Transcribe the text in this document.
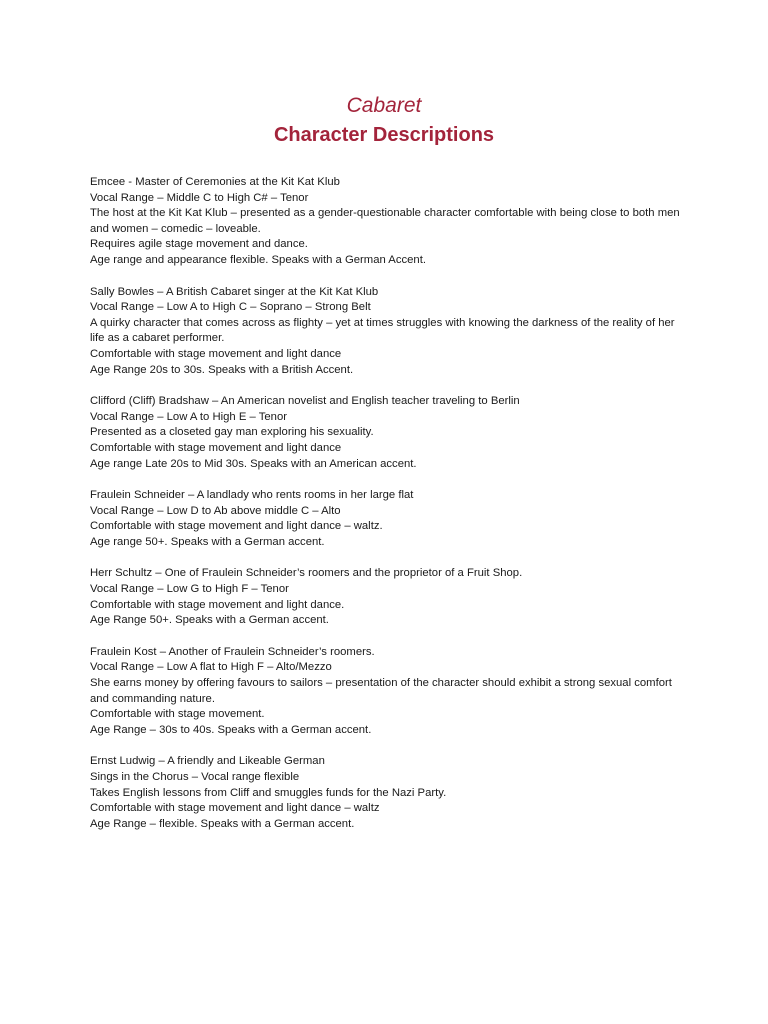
Cabaret
Character Descriptions
Emcee - Master of Ceremonies at the Kit Kat Klub
Vocal Range – Middle C to High C# – Tenor
The host at the Kit Kat Klub – presented as a gender-questionable character comfortable with being close to both men and women – comedic – loveable.
Requires agile stage movement and dance.
Age range and appearance flexible. Speaks with a German Accent.
Sally Bowles – A British Cabaret singer at the Kit Kat Klub
Vocal Range – Low A to High C – Soprano – Strong Belt
A quirky character that comes across as flighty – yet at times struggles with knowing the darkness of the reality of her life as a cabaret performer.
Comfortable with stage movement and light dance
Age Range 20s to 30s. Speaks with a British Accent.
Clifford (Cliff) Bradshaw – An American novelist and English teacher traveling to Berlin
Vocal Range – Low A to High E – Tenor
Presented as a closeted gay man exploring his sexuality.
Comfortable with stage movement and light dance
Age range Late 20s to Mid 30s. Speaks with an American accent.
Fraulein Schneider – A landlady who rents rooms in her large flat
Vocal Range – Low D to Ab above middle C – Alto
Comfortable with stage movement and light dance – waltz.
Age range 50+. Speaks with a German accent.
Herr Schultz – One of Fraulein Schneider’s roomers and the proprietor of a Fruit Shop.
Vocal Range – Low G to High F – Tenor
Comfortable with stage movement and light dance.
Age Range 50+. Speaks with a German accent.
Fraulein Kost – Another of Fraulein Schneider’s roomers.
Vocal Range – Low A flat to High F – Alto/Mezzo
She earns money by offering favours to sailors – presentation of the character should exhibit a strong sexual comfort and commanding nature.
Comfortable with stage movement.
Age Range – 30s to 40s. Speaks with a German accent.
Ernst Ludwig – A friendly and Likeable German
Sings in the Chorus – Vocal range flexible
Takes English lessons from Cliff and smuggles funds for the Nazi Party.
Comfortable with stage movement and light dance – waltz
Age Range – flexible. Speaks with a German accent.
